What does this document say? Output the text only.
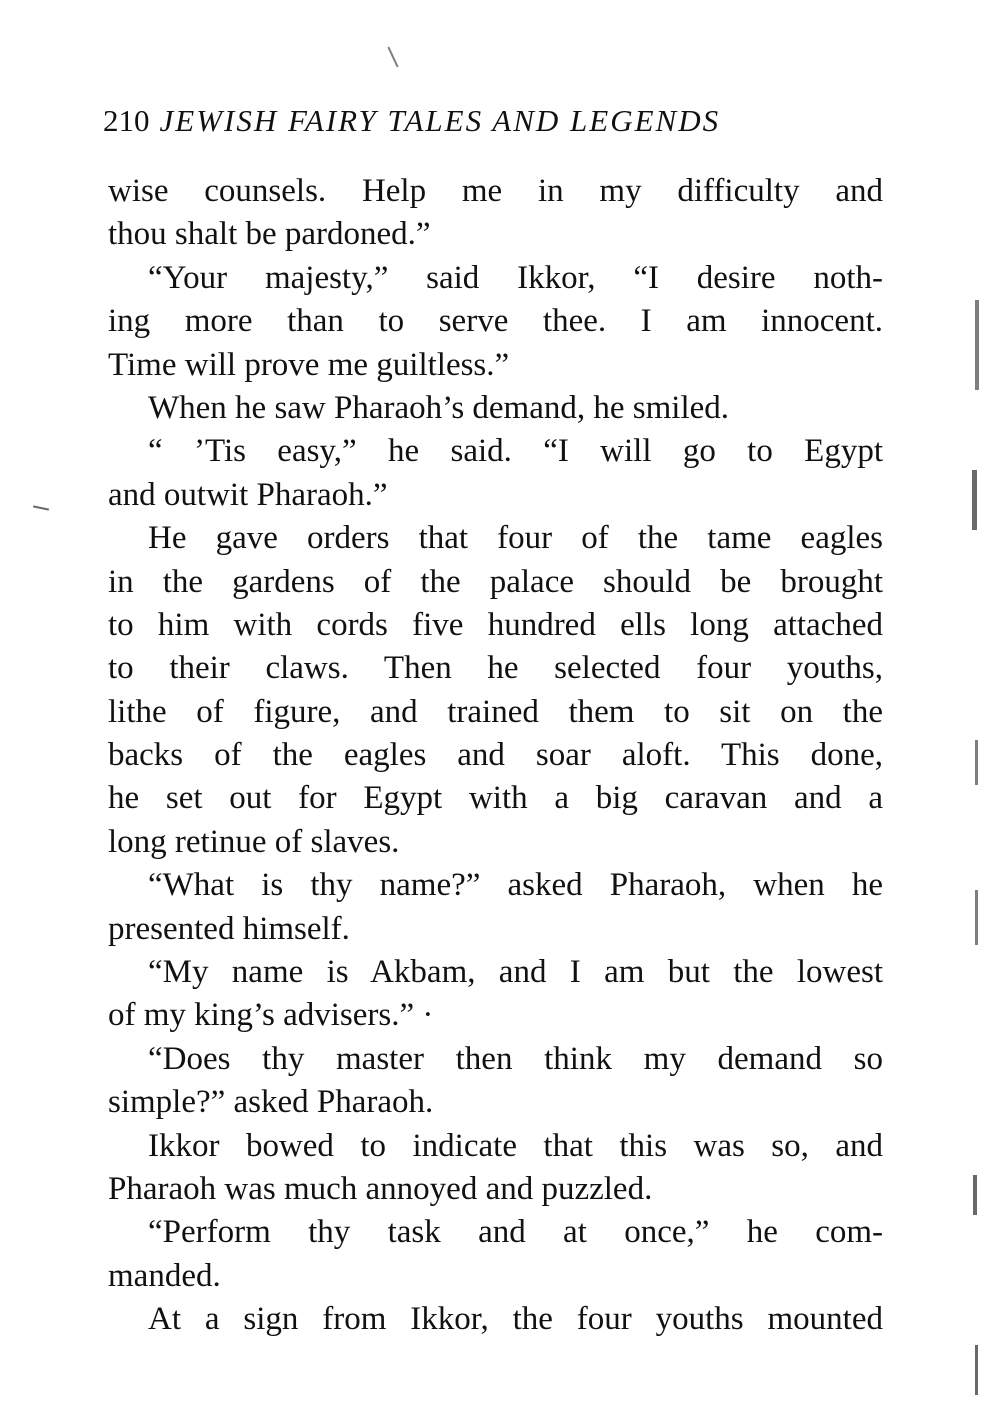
210 JEWISH FAIRY TALES AND LEGENDS
wise counsels. Help me in my difficulty and
thou shalt be pardoned.”
“Your majesty,” said Ikkor, “I desire noth-
ing more than to serve thee. I am innocent.
Time will prove me guiltless.”
When he saw Pharaoh’s demand, he smiled.
“ ’Tis easy,” he said. “I will go to Egypt
and outwit Pharaoh.”
He gave orders that four of the tame eagles
in the gardens of the palace should be brought
to him with cords five hundred ells long attached
to their claws. Then he selected four youths,
lithe of figure, and trained them to sit on the
backs of the eagles and soar aloft. This done,
he set out for Egypt with a big caravan and a
long retinue of slaves.
“What is thy name?” asked Pharaoh, when he
presented himself.
“My name is Akbam, and I am but the lowest
of my king’s advisers.” ·
“Does thy master then think my demand so
simple?” asked Pharaoh.
Ikkor bowed to indicate that this was so, and
Pharaoh was much annoyed and puzzled.
“Perform thy task and at once,” he com-
manded.
At a sign from Ikkor, the four youths mounted
